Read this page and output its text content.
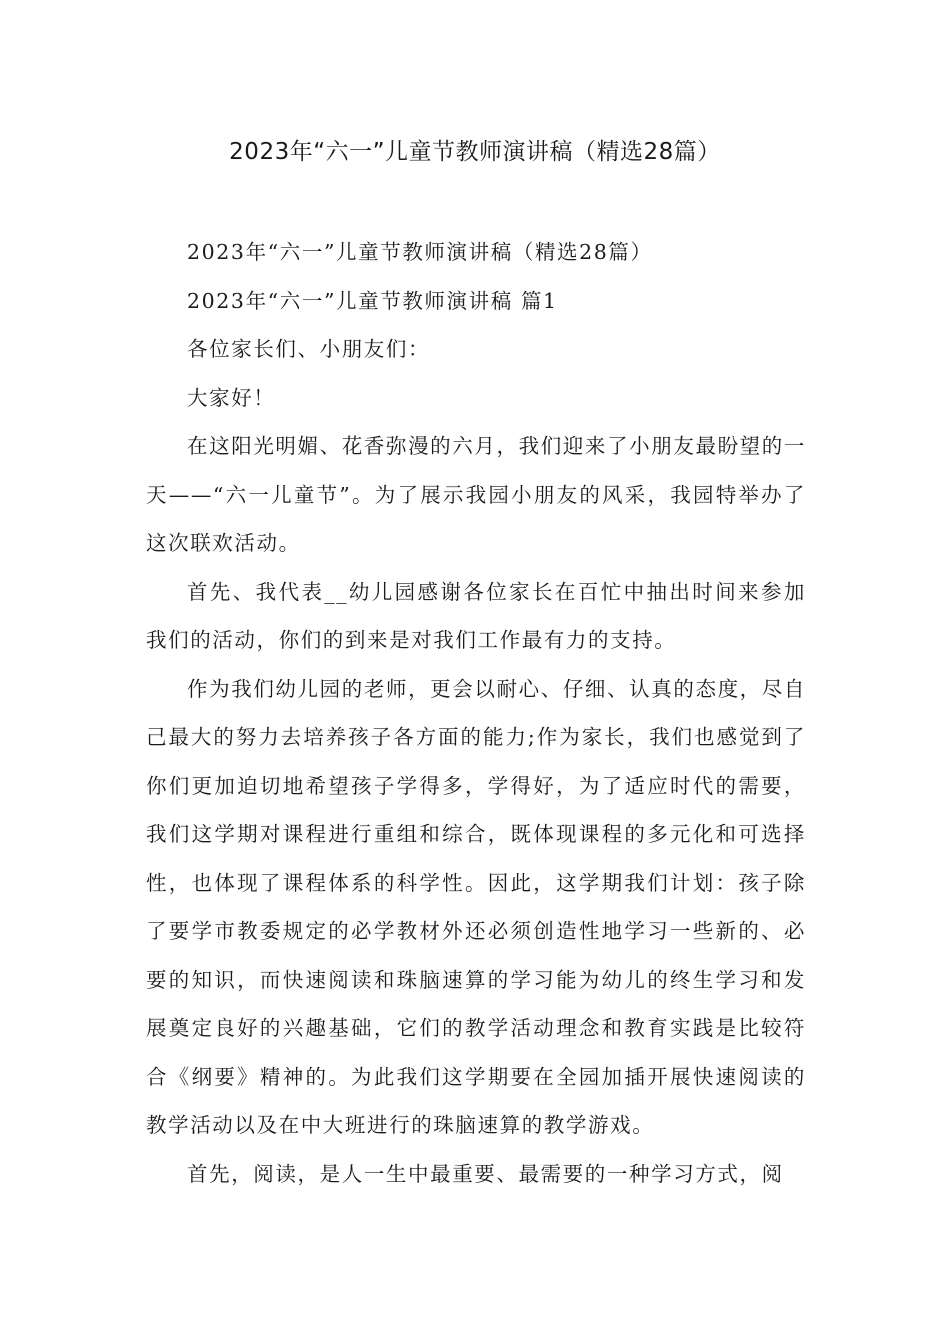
2023年“六一”儿童节教师演讲稿（精选28篇）

2023年“六一”儿童节教师演讲稿（精选28篇）

2023年“六一”儿童节教师演讲稿 篇1

各位家长们、小朋友们：

大家好！

在这阳光明媚、花香弥漫的六月，我们迎来了小朋友最盼望的一天——“六一儿童节”。为了展示我园小朋友的风采，我园特举办了这次联欢活动。

首先、我代表__幼儿园感谢各位家长在百忙中抽出时间来参加我们的活动，你们的到来是对我们工作最有力的支持。

作为我们幼儿园的老师，更会以耐心、仔细、认真的态度，尽自己最大的努力去培养孩子各方面的能力;作为家长，我们也感觉到了你们更加迫切地希望孩子学得多，学得好，为了适应时代的需要，我们这学期对课程进行重组和综合，既体现课程的多元化和可选择性，也体现了课程体系的科学性。因此，这学期我们计划：孩子除了要学市教委规定的必学教材外还必须创造性地学习一些新的、必要的知识，而快速阅读和珠脑速算的学习能为幼儿的终生学习和发展奠定良好的兴趣基础，它们的教学活动理念和教育实践是比较符合《纲要》精神的。为此我们这学期要在全园加插开展快速阅读的教学活动以及在中大班进行的珠脑速算的教学游戏。

首先，阅读，是人一生中最重要、最需要的一种学习方式，阅
